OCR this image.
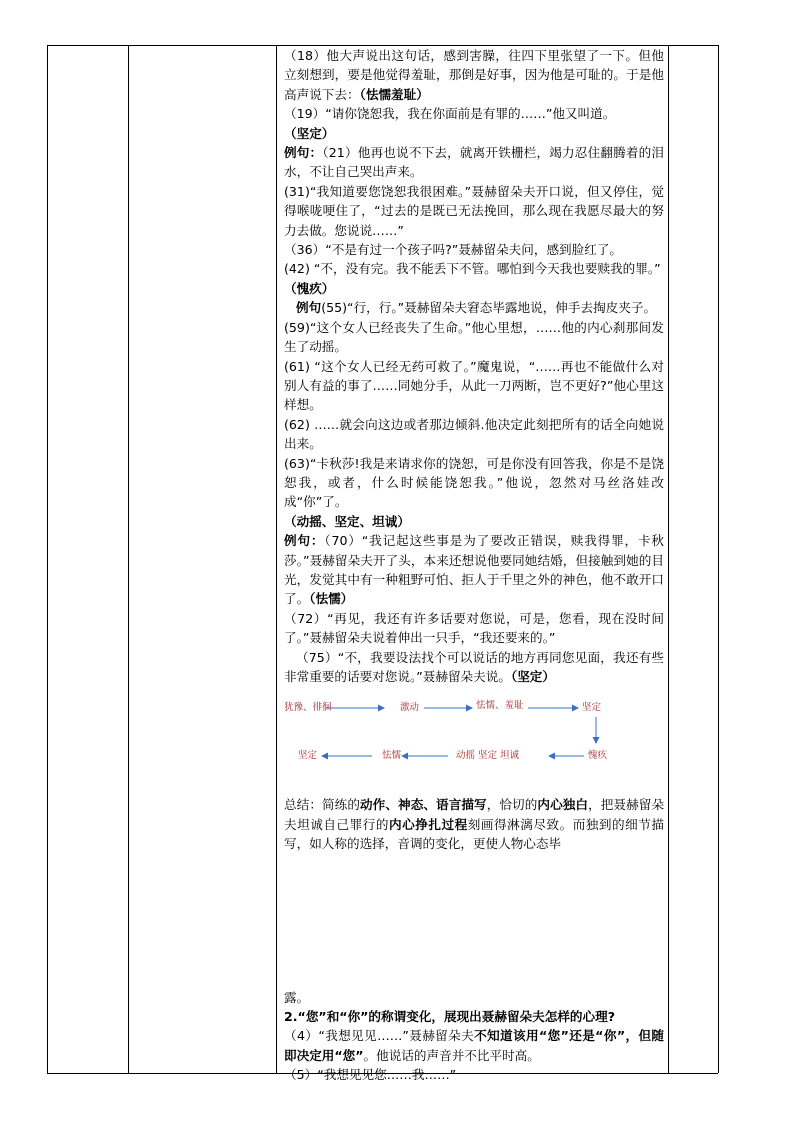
（18）他大声说出这句话，感到害臊，往四下里张望了一下。但他立刻想到，要是他觉得羞耻，那倒是好事，因为他是可耻的。于是他高声说下去：（怯懦羞耻）

（19）“请你饶恕我，我在你面前是有罪的……”他又叫道。

（坚定）

例句：（21）他再也说不下去，就离开铁栅栏，竭力忍住翻腾着的泪水，不让自己哭出声来。

(31)“我知道要您饶恕我很困难。”聂赫留朵夫开口说，但又停住，觉得喉咙哽住了，“过去的是既已无法挽回，那么现在我愿尽最大的努力去做。您说说……”

（36）“不是有过一个孩子吗?”聂赫留朵夫问，感到脸红了。

(42) “不，没有完。我不能丢下不管。哪怕到今天我也要赎我的罪。”

（愧疚）

例句(55)“行，行。”聂赫留朵夫窘态毕露地说，伸手去掏皮夹子。

(59)“这个女人已经丧失了生命。”他心里想，……他的内心刹那间发生了动摇。

(61) “这个女人已经无药可救了。”魔鬼说，“……再也不能做什么对别人有益的事了……同她分手，从此一刀两断，岂不更好?”他心里这样想。

(62) ……就会向这边或者那边倾斜.他决定此刻把所有的话全向她说出来。

(63)“卡秋莎!我是来请求你的饶恕，可是你没有回答我，你是不是饶恕我，或者，什么时候能饶恕我。”他说，忽然对马丝洛娃改成“你”了。

（动摇、坚定、坦诚）

例句：（70）“我记起这些事是为了要改正错误，赎我得罪，卡秋莎。”聂赫留朵夫开了头，本来还想说他要同她结婚，但接触到她的目光，发觉其中有一种粗野可怕、拒人于千里之外的神色，他不敢开口了。（怯懦）

（72）“再见，我还有许多话要对您说，可是，您看，现在没时间了。”聂赫留朵夫说着伸出一只手，“我还要来的。”

（75）“不，我要设法找个可以说话的地方再同您见面，我还有些非常重要的话要对您说。”聂赫留朵夫说。（坚定）

犹豫、徘徊	激动	怯懦、羞耻	坚定
愧疚
动摇 坚定 坦诚
怯懦
坚定

总结：简练的动作、神态、语言描写，恰切的内心独白，把聂赫留朵夫坦诚自己罪行的内心挣扎过程刻画得淋漓尽致。而独到的细节描写，如人称的选择，音调的变化，更使人物心态毕

露。

2.“您”和“你”的称谓变化，展现出聂赫留朵夫怎样的心理?

（4）“我想见见……”聂赫留朵夫不知道该用“您”还是“你”，但随即决定用“您”。他说话的声音并不比平时高。

（5）“我想见见您……我……”
